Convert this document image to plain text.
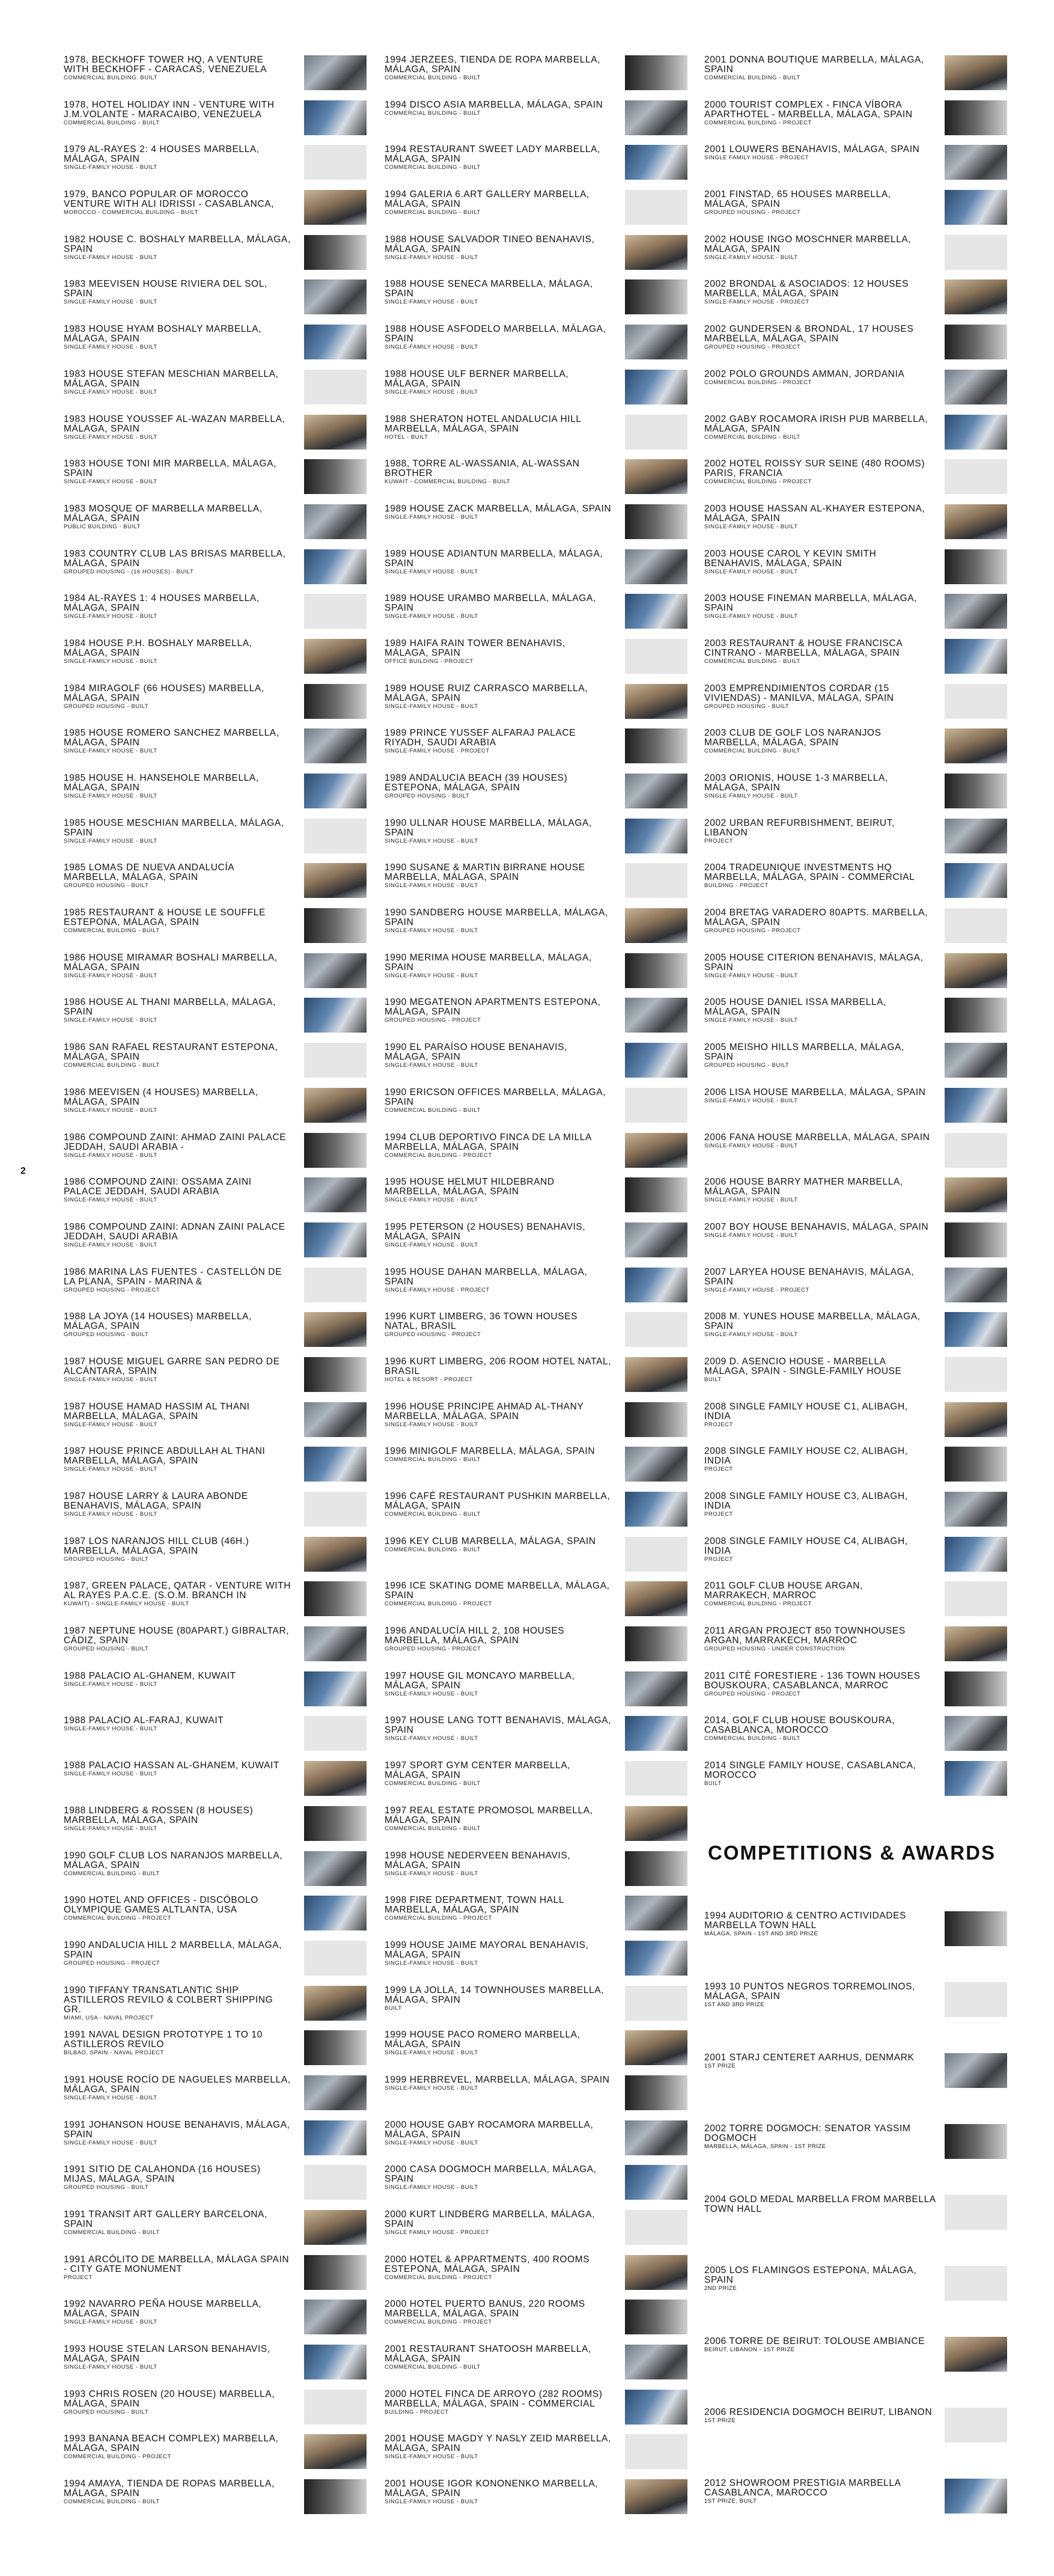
2
1978, BECKHOFF TOWER HQ, A VENTURE WITH BECKHOFF - CARACAS, VENEZUELA
COMMERCIAL BUILDING. BUILT
1978, HOTEL HOLIDAY INN - VENTURE WITH J.M.VOLANTE - MARACAIBO, VENEZUELA
COMMERCIAL BUILDING - BUILT
1979 AL-RAYES 2: 4 HOUSES MARBELLA, MÁLAGA, SPAIN
SINGLE-FAMILY HOUSE - BUILT
1979, BANCO POPULAR OF MOROCCO VENTURE WITH ALI IDRISSI - CASABLANCA,
MOROCCO - COMMERCIAL BUILDING - BUILT
1982 HOUSE C. BOSHALY MARBELLA, MÁLAGA, SPAIN
SINGLE-FAMILY HOUSE - BUILT
1983 MEEVISEN HOUSE RIVIERA DEL SOL, SPAIN
SINGLE-FAMILY HOUSE - BUILT
1983 HOUSE HYAM BOSHALY MARBELLA, MÁLAGA, SPAIN
SINGLE-FAMILY HOUSE - BUILT
1983 HOUSE STEFAN MESCHIAN MARBELLA, MÁLAGA, SPAIN
SINGLE-FAMILY HOUSE - BUILT
1983 HOUSE YOUSSEF AL-WAZAN MARBELLA, MÁLAGA, SPAIN
SINGLE-FAMILY HOUSE - BUILT
1983 HOUSE TONI MIR MARBELLA, MÁLAGA, SPAIN
SINGLE-FAMILY HOUSE - BUILT
1983 MOSQUE OF MARBELLA MARBELLA, MÁLAGA, SPAIN
PUBLIC BUILDING - BUILT
1983 COUNTRY CLUB LAS BRISAS MARBELLA, MÁLAGA, SPAIN
GROUPED HOUSING - (16 HOUSES) - BUILT
1984 AL-RAYES 1: 4 HOUSES MARBELLA, MÁLAGA, SPAIN
SINGLE-FAMILY HOUSE - BUILT
1984 HOUSE P.H. BOSHALY MARBELLA, MÁLAGA, SPAIN
SINGLE-FAMILY HOUSE - BUILT
1984 MIRAGOLF (66 HOUSES) MARBELLA, MÁLAGA, SPAIN
GROUPED HOUSING - BUILT
1985 HOUSE ROMERO SANCHEZ MARBELLA, MÁLAGA, SPAIN
SINGLE-FAMILY HOUSE - BUILT
1985 HOUSE H. HANSEHOLE MARBELLA, MÁLAGA, SPAIN
SINGLE-FAMILY HOUSE - BUILT
1985 HOUSE MESCHIAN MARBELLA, MÁLAGA, SPAIN
SINGLE-FAMILY HOUSE - BUILT
1985 LOMAS DE NUEVA ANDALUCÍA MARBELLA, MÁLAGA, SPAIN
GROUPED HOUSING - BUILT
1985 RESTAURANT & HOUSE LE SOUFFLE ESTEPONA, MÁLAGA, SPAIN
COMMERCIAL BUILDING - BUILT
1986 HOUSE MIRAMAR BOSHALI MARBELLA, MÁLAGA, SPAIN
SINGLE-FAMILY HOUSE - BUILT
1986 HOUSE AL THANI MARBELLA, MÁLAGA, SPAIN
SINGLE-FAMILY HOUSE - BUILT
1986 SAN RAFAEL RESTAURANT ESTEPONA, MÁLAGA, SPAIN
COMMERCIAL BUILDING - BUILT
1986 MEEVISEN (4 HOUSES) MARBELLA, MÁLAGA, SPAIN
SINGLE-FAMILY HOUSE - BUILT
1986 COMPOUND ZAINI: AHMAD ZAINI PALACE JEDDAH, SAUDI ARABIA -
SINGLE-FAMILY HOUSE - BUILT
1986 COMPOUND ZAINI: OSSAMA ZAINI PALACE JEDDAH, SAUDI ARABIA
SINGLE-FAMILY HOUSE - BUILT
1986 COMPOUND ZAINI: ADNAN ZAINI PALACE JEDDAH, SAUDI ARABIA
SINGLE-FAMILY HOUSE - BUILT
1986 MARINA LAS FUENTES - CASTELLÓN DE LA PLANA, SPAIN - MARINA &
GROUPED HOUSING - PROJECT
1988 LA JOYA (14 HOUSES) MARBELLA, MÁLAGA, SPAIN
GROUPED HOUSING - BUILT
1987 HOUSE MIGUEL GARRE SAN PEDRO DE ALCÁNTARA, SPAIN
SINGLE-FAMILY HOUSE - BUILT
1987 HOUSE HAMAD HASSIM AL THANI MARBELLA, MÁLAGA, SPAIN
SINGLE-FAMILY HOUSE - BUILT
1987 HOUSE PRINCE ABDULLAH AL THANI MARBELLA, MÁLAGA, SPAIN
SINGLE-FAMILY HOUSE - BUILT
1987 HOUSE LARRY & LAURA ABONDE BENAHAVIS, MÁLAGA, SPAIN
SINGLE-FAMILY HOUSE - BUILT
1987 LOS NARANJOS HILL CLUB (46H.) MARBELLA, MÁLAGA, SPAIN
GROUPED HOUSING - BUILT
1987, GREEN PALACE, QATAR - VENTURE WITH AL RAYES P.A.C.E. (S.O.M. BRANCH IN
KUWAIT) - SINGLE-FAMILY HOUSE - BUILT
1987 NEPTUNE HOUSE (80APART.) GIBRALTAR, CÁDIZ, SPAIN
GROUPED HOUSING - BUILT
1988 PALACIO AL-GHANEM, KUWAIT
SINGLE-FAMILY HOUSE - BUILT
1988 PALACIO AL-FARAJ, KUWAIT
SINGLE-FAMILY HOUSE - BUILT
1988 PALACIO HASSAN AL-GHANEM, KUWAIT
SINGLE-FAMILY HOUSE - BUILT
1988 LINDBERG & ROSSEN (8 HOUSES) MARBELLA, MÁLAGA, SPAIN
SINGLE-FAMILY HOUSE - BUILT
1990 GOLF CLUB LOS NARANJOS MARBELLA, MÁLAGA, SPAIN
COMMERCIAL BUILDING - BUILT
1990 HOTEL AND OFFICES - DISCÓBOLO OLYMPIQUE GAMES ALTLANTA, USA
COMMERCIAL BUILDING - PROJECT
1990 ANDALUCIA HILL 2 MARBELLA, MÁLAGA, SPAIN
GROUPED HOUSING - PROJECT
1990 TIFFANY TRANSATLANTIC SHIP ASTILLEROS REVILO & COLBERT SHIPPING GR.
MIAMI, USA - NAVAL PROJECT
1991 NAVAL DESIGN PROTOTYPE 1 TO 10 ASTILLEROS REVILO
BILBAO, SPAIN - NAVAL PROJECT
1991 HOUSE ROCÍO DE NAGUELES MARBELLA, MÁLAGA, SPAIN
SINGLE-FAMILY HOUSE - BUILT
1991 JOHANSON HOUSE BENAHAVIS, MÁLAGA, SPAIN
SINGLE-FAMILY HOUSE - BUILT
1991 SITIO DE CALAHONDA (16 HOUSES) MIJAS, MÁLAGA, SPAIN
GROUPED HOUSING - BUILT
1991 TRANSIT ART GALLERY BARCELONA, SPAIN
COMMERCIAL BUILDING - BUILT
1991 ARCÓLITO DE MARBELLA, MÁLAGA SPAIN - CITY GATE MONUMENT
PROJECT
1992 NAVARRO PEÑA HOUSE MARBELLA, MÁLAGA, SPAIN
SINGLE-FAMILY HOUSE - BUILT
1993 HOUSE STELAN LARSON BENAHAVIS, MÁLAGA, SPAIN
SINGLE-FAMILY HOUSE - BUILT
1993 CHRIS ROSEN (20 HOUSE) MARBELLA, MÁLAGA, SPAIN
GROUPED HOUSING - BUILT
1993 BANANA BEACH COMPLEX) MARBELLA, MÁLAGA, SPAIN
COMMERCIAL BUILDING - PROJECT
1994 AMAYA, TIENDA DE ROPAS MARBELLA, MÁLAGA, SPAIN
COMMERCIAL BUILDING - BUILT
1994 JERZEES, TIENDA DE ROPA MARBELLA, MÁLAGA, SPAIN
COMMERCIAL BUILDING - BUILT
1994 DISCO ASIA MARBELLA, MÁLAGA, SPAIN
COMMERCIAL BUILDING - BUILT
1994 RESTAURANT SWEET LADY MARBELLA, MÁLAGA, SPAIN
COMMERCIAL BUILDING - BUILT
1994 GALERIA 6.ART GALLERY MARBELLA, MÁLAGA, SPAIN
COMMERCIAL BUILDING - BUILT
1988 HOUSE SALVADOR TINEO BENAHAVIS, MÁLAGA, SPAIN
SINGLE-FAMILY HOUSE - BUILT
1988 HOUSE SENECA MARBELLA, MÁLAGA, SPAIN
SINGLE-FAMILY HOUSE - BUILT
1988 HOUSE ASFODELO MARBELLA, MÁLAGA, SPAIN
SINGLE-FAMILY HOUSE - BUILT
1988 HOUSE ULF BERNER MARBELLA, MÁLAGA, SPAIN
SINGLE-FAMILY HOUSE - BUILT
1988 SHERATON HOTEL ANDALUCIA HILL MARBELLA, MÁLAGA, SPAIN
HOTEL - BUILT
1988, TORRE AL-WASSANIA, AL-WASSAN BROTHER
KUWAIT - COMMERCIAL BUILDING - BUILT
1989 HOUSE ZACK MARBELLA, MÁLAGA, SPAIN
SINGLE-FAMILY HOUSE - BUILT
1989 HOUSE ADIANTUN MARBELLA, MÁLAGA, SPAIN
SINGLE-FAMILY HOUSE - BUILT
1989 HOUSE URAMBO MARBELLA, MÁLAGA, SPAIN
SINGLE-FAMILY HOUSE - BUILT
1989 HAIFA RAIN TOWER BENAHAVIS, MÁLAGA, SPAIN
OFFICE BUILDING - PROJECT
1989 HOUSE RUIZ CARRASCO MARBELLA, MÁLAGA, SPAIN
SINGLE-FAMILY HOUSE - BUILT
1989 PRINCE YUSSEF ALFARAJ PALACE RIYADH, SAUDI ARABIA
SINGLE-FAMILY HOUSE - PROJECT
1989 ANDALUCIA BEACH (39 HOUSES) ESTEPONA, MÁLAGA, SPAIN
GROUPED HOUSING - BUILT
1990 ULLNAR HOUSE MARBELLA, MÁLAGA, SPAIN
SINGLE-FAMILY HOUSE - BUILT
1990 SUSANE & MARTIN BIRRANE HOUSE MARBELLA, MÁLAGA, SPAIN
SINGLE-FAMILY HOUSE - BUILT
1990 SANDBERG HOUSE MARBELLA, MÁLAGA, SPAIN
SINGLE-FAMILY HOUSE - BUILT
1990 MERIMA HOUSE MARBELLA, MÁLAGA, SPAIN
SINGLE-FAMILY HOUSE - BUILT
1990 MEGATENON APARTMENTS ESTEPONA, MÁLAGA, SPAIN
GROUPED HOUSING - PROJECT
1990 EL PARAÍSO HOUSE BENAHAVIS, MÁLAGA, SPAIN
SINGLE-FAMILY HOUSE - BUILT
1990 ERICSON OFFICES MARBELLA, MÁLAGA, SPAIN
COMMERCIAL BUILDING - BUILT
1994 CLUB DEPORTIVO FINCA DE LA MILLA MARBELLA, MÁLAGA, SPAIN
COMMERCIAL BUILDING - PROJECT
1995 HOUSE HELMUT HILDEBRAND MARBELLA, MÁLAGA, SPAIN
SINGLE-FAMILY HOUSE - BUILT
1995 PETERSON (2 HOUSES) BENAHAVIS, MÁLAGA, SPAIN
SINGLE-FAMILY HOUSE - BUILT
1995 HOUSE DAHAN MARBELLA, MÁLAGA, SPAIN
SINGLE-FAMILY HOUSE - PROJECT
1996 KURT LIMBERG, 36 TOWN HOUSES NATAL, BRASIL
GROUPED HOUSING - PROJECT
1996 KURT LIMBERG, 206 ROOM HOTEL NATAL, BRASIL
HOTEL & RESORT - PROJECT
1996 HOUSE PRINCIPE AHMAD AL-THANY MARBELLA, MÁLAGA, SPAIN
SINGLE-FAMILY HOUSE - BUILT
1996 MINIGOLF MARBELLA, MÁLAGA, SPAIN
COMMERCIAL BUILDING - BUILT
1996 CAFÉ RESTAURANT PUSHKIN MARBELLA, MÁLAGA, SPAIN
COMMERCIAL BUILDING - BUILT
1996 KEY CLUB MARBELLA, MÁLAGA, SPAIN
COMMERCIAL BUILDING - BUILT
1996 ICE SKATING DOME MARBELLA, MÁLAGA, SPAIN
COMMERCIAL BUILDING - PROJECT
1996 ANDALUCÍA HILL 2, 108 HOUSES MARBELLA, MÁLAGA, SPAIN
GROUPED HOUSING - PROJECT
1997 HOUSE GIL MONCAYO MARBELLA, MÁLAGA, SPAIN
SINGLE-FAMILY HOUSE - BUILT
1997 HOUSE LANG TOTT BENAHAVIS, MÁLAGA, SPAIN
SINGLE-FAMILY HOUSE - BUILT
1997 SPORT GYM CENTER MARBELLA, MÁLAGA, SPAIN
COMMERCIAL BUILDING - BUILT
1997 REAL ESTATE PROMOSOL MARBELLA, MÁLAGA, SPAIN
COMMERCIAL BUILDING - BUILT
1998 HOUSE NEDERVEEN BENAHAVIS, MÁLAGA, SPAIN
SINGLE-FAMILY HOUSE - BUILT
1998 FIRE DEPARTMENT, TOWN HALL MARBELLA, MÁLAGA, SPAIN
COMMERCIAL BUILDING - PROJECT
1999 HOUSE JAIME MAYORAL BENAHAVIS, MÁLAGA, SPAIN
SINGLE-FAMILY HOUSE - BUILT
1999 LA JOLLA, 14 TOWNHOUSES MARBELLA, MÁLAGA, SPAIN
BUILT
1999 HOUSE PACO ROMERO MARBELLA, MÁLAGA, SPAIN
SINGLE-FAMILY HOUSE - BUILT
1999 HERBREVEL, MARBELLA, MÁLAGA, SPAIN
SINGLE-FAMILY HOUSE - BUILT
2000 HOUSE GABY ROCAMORA MARBELLA, MÁLAGA, SPAIN
SINGLE-FAMILY HOUSE - BUILT
2000 CASA DOGMOCH MARBELLA, MÁLAGA, SPAIN
SINGLE-FAMILY HOUSE - BUILT
2000 KURT LINDBERG MARBELLA, MÁLAGA, SPAIN
SINGLE FAMILY HOUSE - PROJECT
2000 HOTEL & APPARTMENTS, 400 ROOMS ESTEPONA, MÁLAGA, SPAIN
COMMERCIAL BUILDING - PROJECT
2000 HOTEL PUERTO BANUS, 220 ROOMS MARBELLA, MÁLAGA, SPAIN
COMMERCIAL BUILDING - PROJECT
2001 RESTAURANT SHATOOSH MARBELLA, MÁLAGA, SPAIN
COMMERCIAL BUILDING - BUILT
2000 HOTEL FINCA DE ARROYO (282 ROOMS) MARBELLA, MÁLAGA, SPAIN - COMMERCIAL
BUILDING - PROJECT
2001 HOUSE MAGDY Y NASLY ZEID MARBELLA, MÁLAGA, SPAIN
SINGLE-FAMILY HOUSE - BUILT
2001 HOUSE IGOR KONONENKO MARBELLA, MÁLAGA, SPAIN
SINGLE-FAMILY HOUSE - BUILT
2001 DONNA BOUTIQUE MARBELLA, MÁLAGA, SPAIN
COMMERCIAL BUILDING - BUILT
2000 TOURIST COMPLEX - FINCA VÍBORA APARTHOTEL - MARBELLA, MÁLAGA, SPAIN
COMMERCIAL BUILDING - PROJECT
2001 LOUWERS BENAHAVIS, MÁLAGA, SPAIN
SINGLE FAMILY HOUSE - PROJECT
2001 FINSTAD, 65 HOUSES MARBELLA, MÁLAGA, SPAIN
GROUPED HOUSING - PROJECT
2002 HOUSE INGO MOSCHNER MARBELLA, MÁLAGA, SPAIN
SINGLE-FAMILY HOUSE - BUILT
2002 BRONDAL & ASOCIADOS: 12 HOUSES MARBELLA, MÁLAGA, SPAIN
SINGLE-FAMILY HOUSE - PROJECT
2002 GUNDERSEN & BRONDAL, 17 HOUSES MARBELLA, MÁLAGA, SPAIN
GROUPED HOUSING - PROJECT
2002 POLO GROUNDS AMMAN, JORDANIA
COMMERCIAL BUILDING - PROJECT
2002 GABY ROCAMORA IRISH PUB MARBELLA, MÁLAGA, SPAIN
COMMERCIAL BUILDING - BUILT
2002 HOTEL ROISSY SUR SEINE (480 ROOMS) PARIS, FRANCIA
COMMERCIAL BUILDING - PROJECT
2003 HOUSE HASSAN AL-KHAYER ESTEPONA, MÁLAGA, SPAIN
SINGLE-FAMILY HOUSE - BUILT
2003 HOUSE CAROL Y KEVIN SMITH BENAHAVIS, MÁLAGA, SPAIN
SINGLE-FAMILY HOUSE - BUILT
2003 HOUSE FINEMAN MARBELLA, MÁLAGA, SPAIN
SINGLE-FAMILY HOUSE - BUILT
2003 RESTAURANT & HOUSE FRANCISCA CINTRANO - MARBELLA, MÁLAGA, SPAIN
COMMERCIAL BUILDING - BUILT
2003 EMPRENDIMIENTOS CORDAR (15 VIVIENDAS) - MANILVA, MÁLAGA, SPAIN
GROUPED HOUSING - BUILT
2003 CLUB DE GOLF LOS NARANJOS MARBELLA, MÁLAGA, SPAIN
COMMERCIAL BUILDING - BUILT
2003 ORIONIS, HOUSE 1-3 MARBELLA, MÁLAGA, SPAIN
SINGLE-FAMILY HOUSE - BUILT
2002 URBAN REFURBISHMENT, BEIRUT, LIBANON
PROJECT
2004 TRADEUNIQUE INVESTMENTS HQ MARBELLA, MÁLAGA, SPAIN - COMMERCIAL
BUILDING - PROJECT
2004 BRETAG VARADERO 80APTS. MARBELLA, MÁLAGA, SPAIN
GROUPED HOUSING - PROJECT
2005 HOUSE CITERION BENAHAVIS, MÁLAGA, SPAIN
SINGLE-FAMILY HOUSE - BUILT
2005 HOUSE DANIEL ISSA MARBELLA, MÁLAGA, SPAIN
SINGLE-FAMILY HOUSE - BUILT
2005 MEISHO HILLS MARBELLA, MÁLAGA, SPAIN
GROUPED HOUSING - BUILT
2006 LISA HOUSE MARBELLA, MÁLAGA, SPAIN
SINGLE-FAMILY HOUSE - BUILT
2006 FANA HOUSE MARBELLA, MÁLAGA, SPAIN
SINGLE-FAMILY HOUSE - BUILT
2006 HOUSE BARRY MATHER MARBELLA, MÁLAGA, SPAIN
SINGLE-FAMILY HOUSE - BUILT
2007 BOY HOUSE BENAHAVIS, MÁLAGA, SPAIN
SINGLE-FAMILY HOUSE - BUILT
2007 LARYEA HOUSE BENAHAVIS, MÁLAGA, SPAIN
SINGLE-FAMILY HOUSE - PROJECT
2008 M. YUNES HOUSE MARBELLA, MÁLAGA, SPAIN
SINGLE-FAMILY HOUSE - BUILT
2009 D. ASENCIO HOUSE - MARBELLA MÁLAGA, SPAIN - SINGLE-FAMILY HOUSE
BUILT
2008 SINGLE FAMILY HOUSE C1, ALIBAGH, INDIA
PROJECT
2008 SINGLE FAMILY HOUSE C2, ALIBAGH, INDIA
PROJECT
2008 SINGLE FAMILY HOUSE C3, ALIBAGH, INDIA
PROJECT
2008 SINGLE FAMILY HOUSE C4, ALIBAGH, INDIA
PROJECT
2011 GOLF CLUB HOUSE ARGAN, MARRAKECH, MARROC
COMMERCIAL BUILDING - PROJECT
2011 ARGAN PROJECT 850 TOWNHOUSES ARGAN, MARRAKECH, MARROC
GROUPED HOUSING - UNDER CONSTRUCTION
2011 CITÉ FORESTIERE - 136 TOWN HOUSES BOUSKOURA, CASABLANCA, MARROC
GROUPED HOUSING - PROJECT
2014, GOLF CLUB HOUSE BOUSKOURA, CASABLANCA, MOROCCO
COMMERCIAL BUILDING - BUILT
2014 SINGLE FAMILY HOUSE, CASABLANCA, MOROCCO
BUILT
COMPETITIONS & AWARDS
1994 AUDITORIO & CENTRO ACTIVIDADES MARBELLA TOWN HALL
MÁLAGA, SPAIN - 1ST AND 3RD PRIZE
1993 10 PUNTOS NEGROS TORREMOLINOS, MÁLAGA, SPAIN
1ST AND 3RD PRIZE
2001 STARJ CENTERET AARHUS, DENMARK
1ST PRIZE
2002 TORRE DOGMOCH: SENATOR YASSIM DOGMOCH
MARBELLA, MÁLAGA, SPAIN - 1ST PRIZE
2004 GOLD MEDAL MARBELLA FROM MARBELLA TOWN HALL
2005 LOS FLAMINGOS ESTEPONA, MÁLAGA, SPAIN
2ND PRIZE
2006 TORRE DE BEIRUT: TOLOUSE AMBIANCE
BEIRUT, LIBANON - 1ST PRIZE
2006 RESIDENCIA DOGMOCH BEIRUT, LIBANON
1ST PRIZE
2012 SHOWROOM PRESTIGIA MARBELLA CASABLANCA, MAROCCO
1ST PRIZE, BUILT
